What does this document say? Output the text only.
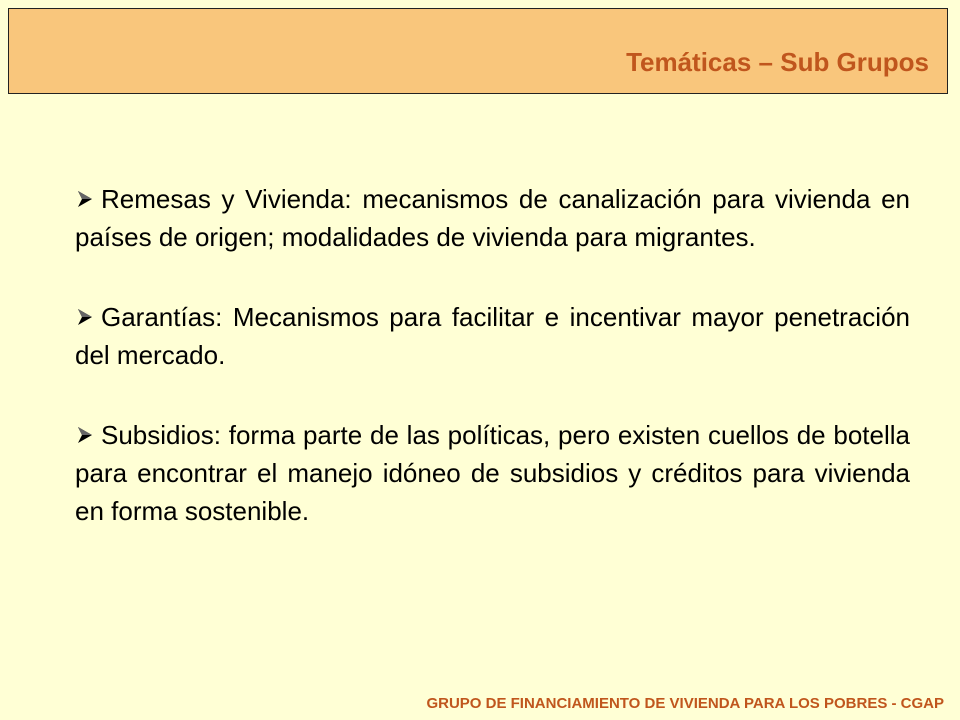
Temáticas – Sub Grupos

Remesas y Vivienda: mecanismos de canalización para vivienda en países de origen; modalidades de vivienda para migrantes.

Garantías: Mecanismos para facilitar e incentivar mayor penetración del mercado.

Subsidios: forma parte de las políticas, pero existen cuellos de botella para encontrar el manejo idóneo de subsidios y créditos para vivienda en forma sostenible.

GRUPO DE FINANCIAMIENTO DE VIVIENDA PARA LOS POBRES - CGAP
